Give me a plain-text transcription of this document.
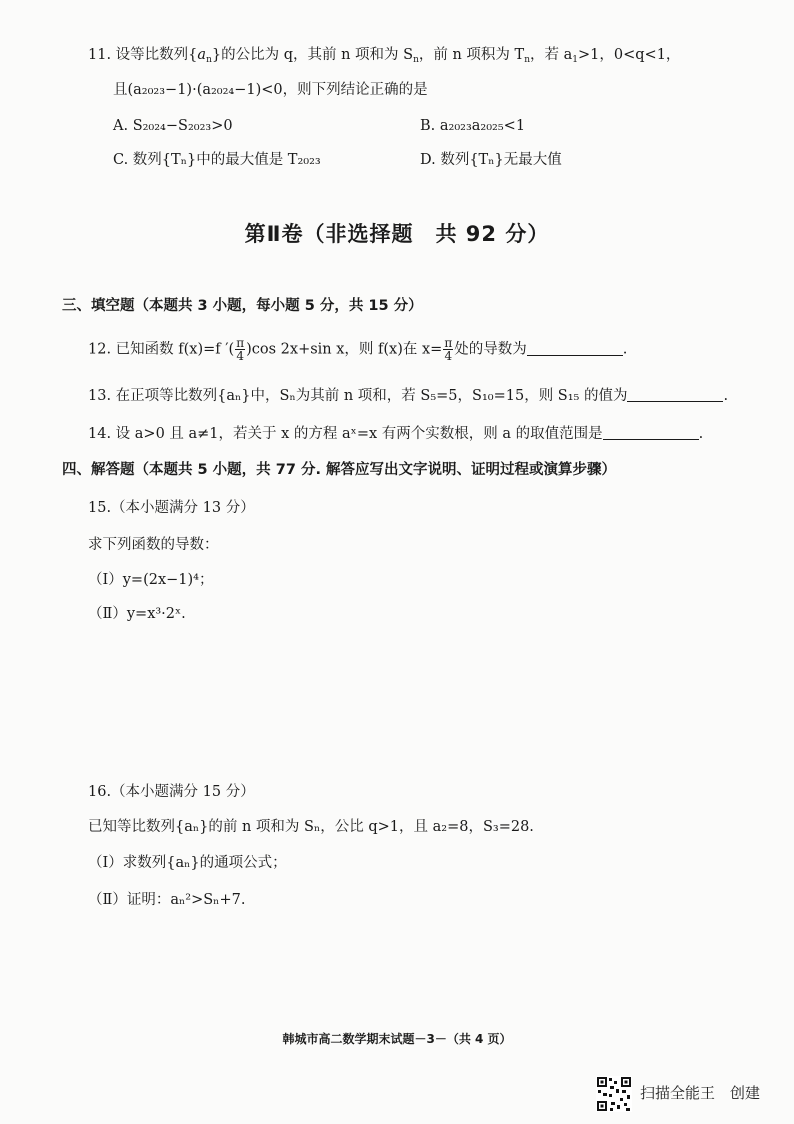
11. 设等比数列$\{a_n\}$的公比为 q，其前 n 项和为 $S_n$，前 n 项积为 $T_n$，若 $a_1>1$，0<q<1，
且(a₂₀₂₃−1)·(a₂₀₂₄−1)<0，则下列结论正确的是
A. S₂₀₂₄−S₂₀₂₃>0	B. a₂₀₂₃a₂₀₂₅<1
C. 数列{Tₙ}中的最大值是 T₂₀₂₃	D. 数列{Tₙ}无最大值
第Ⅱ卷（非选择题　共 92 分）
三、填空题（本题共 3 小题，每小题 5 分，共 15 分）
12. 已知函数 f(x)=f ′( $\frac{\pi}{4} )\cos$ 2x+sin x，则 f(x)在 $x= \frac{\pi}{4}$ 处的导数为	.
13. 在正项等比数列{aₙ}中，Sₙ为其前 n 项和，若 S₅=5，S₁₀=15，则 S₁₅ 的值为	.
14. 设 a>0 且 a≠1，若关于 x 的方程 aˣ=x 有两个实数根，则 a 的取值范围是	.
四、解答题（本题共 5 小题，共 77 分. 解答应写出文字说明、证明过程或演算步骤）
15.（本小题满分 13 分）
求下列函数的导数：
（Ⅰ）y=(2x−1)⁴；
（Ⅱ）y=x³·2ˣ.
16.（本小题满分 15 分）
已知等比数列{aₙ}的前 n 项和为 Sₙ，公比 q>1，且 a₂=8，S₃=28.
（Ⅰ）求数列{aₙ}的通项公式；
（Ⅱ）证明：aₙ²>Sₙ+7.
韩城市高二数学期末试题－3－（共 4 页）
扫描全能王　创建
